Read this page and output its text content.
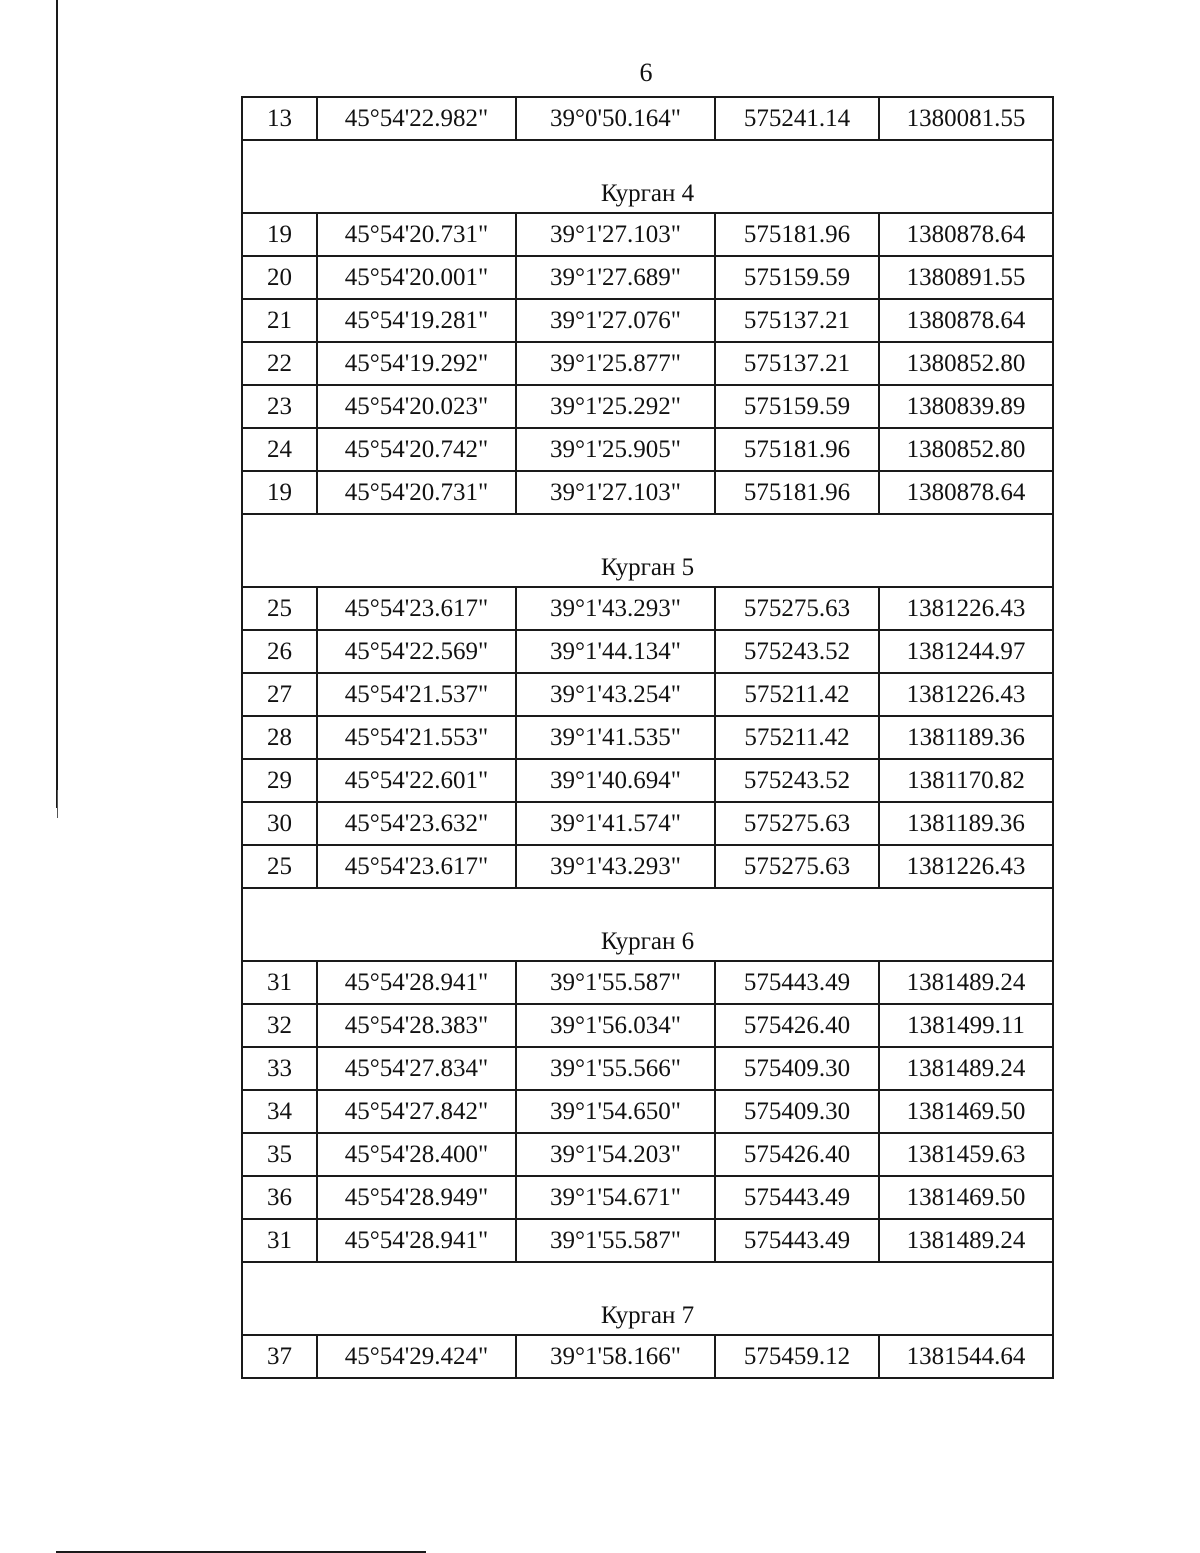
6
13	45°54'22.982"	39°0'50.164"	575241.14	1380081.55
Курган 4				
19	45°54'20.731"	39°1'27.103"	575181.96	1380878.64
20	45°54'20.001"	39°1'27.689"	575159.59	1380891.55
21	45°54'19.281"	39°1'27.076"	575137.21	1380878.64
22	45°54'19.292"	39°1'25.877"	575137.21	1380852.80
23	45°54'20.023"	39°1'25.292"	575159.59	1380839.89
24	45°54'20.742"	39°1'25.905"	575181.96	1380852.80
19	45°54'20.731"	39°1'27.103"	575181.96	1380878.64
Курган 5				
25	45°54'23.617"	39°1'43.293"	575275.63	1381226.43
26	45°54'22.569"	39°1'44.134"	575243.52	1381244.97
27	45°54'21.537"	39°1'43.254"	575211.42	1381226.43
28	45°54'21.553"	39°1'41.535"	575211.42	1381189.36
29	45°54'22.601"	39°1'40.694"	575243.52	1381170.82
30	45°54'23.632"	39°1'41.574"	575275.63	1381189.36
25	45°54'23.617"	39°1'43.293"	575275.63	1381226.43
Курган 6				
31	45°54'28.941"	39°1'55.587"	575443.49	1381489.24
32	45°54'28.383"	39°1'56.034"	575426.40	1381499.11
33	45°54'27.834"	39°1'55.566"	575409.30	1381489.24
34	45°54'27.842"	39°1'54.650"	575409.30	1381469.50
35	45°54'28.400"	39°1'54.203"	575426.40	1381459.63
36	45°54'28.949"	39°1'54.671"	575443.49	1381469.50
31	45°54'28.941"	39°1'55.587"	575443.49	1381489.24
Курган 7				
37	45°54'29.424"	39°1'58.166"	575459.12	1381544.64
